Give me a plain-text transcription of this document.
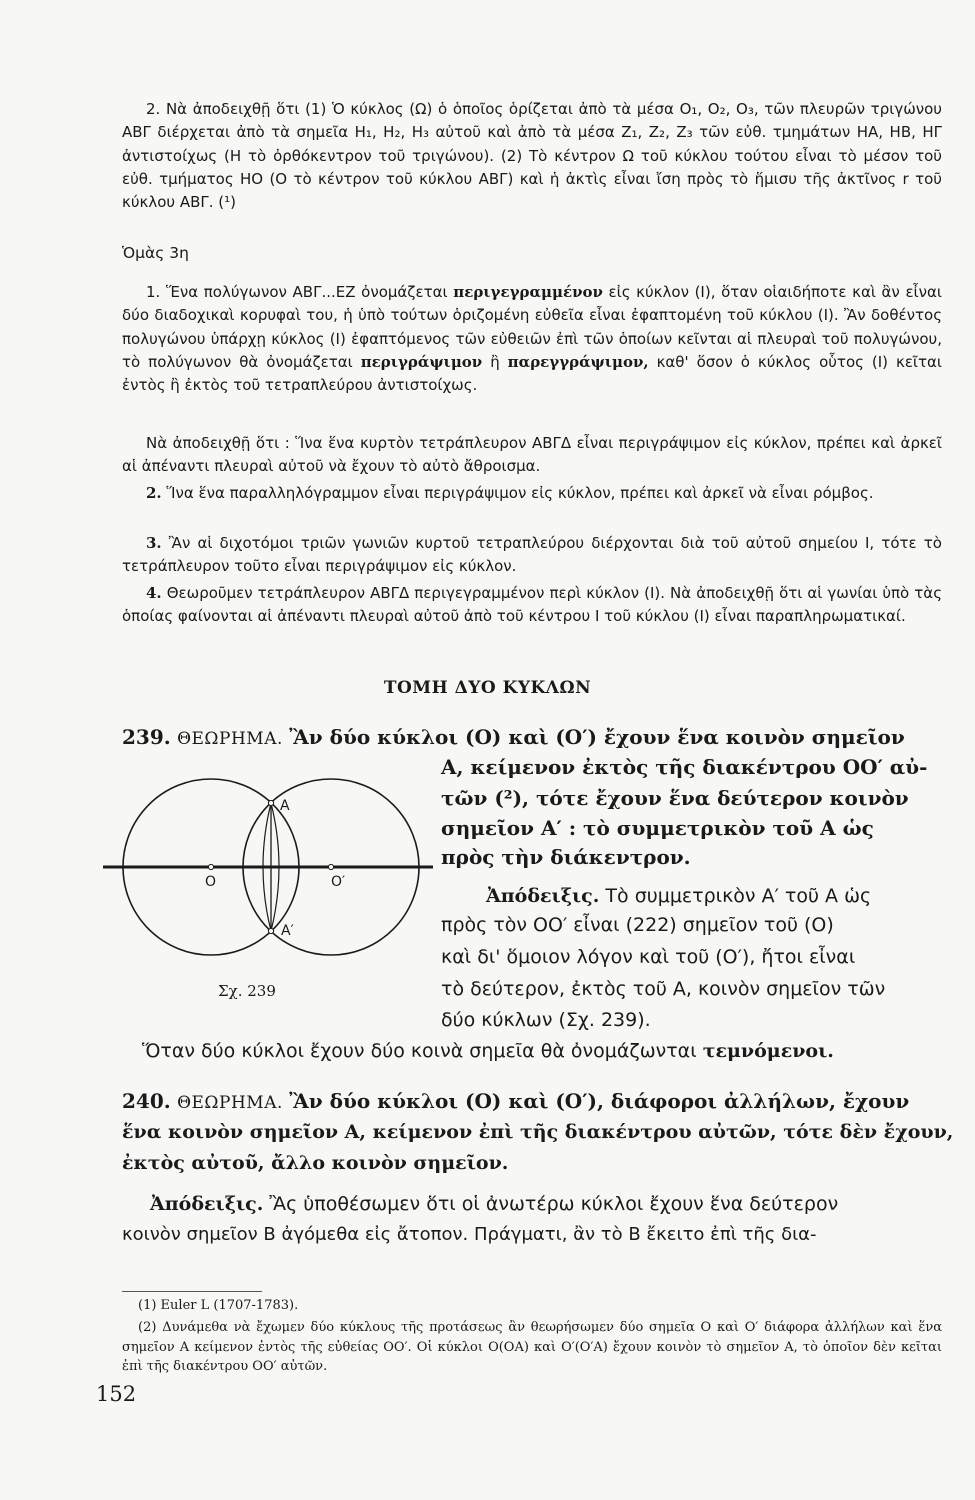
2. Νὰ ἀποδειχθῇ ὅτι (1) Ὁ κύκλος (Ω) ὁ ὁποῖος ὁρίζεται ἀπὸ τὰ μέσα O₁, O₂, O₃, τῶν πλευρῶν τριγώνου ΑΒΓ διέρχεται ἀπὸ τὰ σημεῖα Η₁, Η₂, Η₃ αὐτοῦ καὶ ἀπὸ τὰ μέσα Z₁, Z₂, Z₃ τῶν εὐθ. τμημάτων ΗΑ, ΗΒ, ΗΓ ἀντιστοίχως (Η τὸ ὀρθόκεντρον τοῦ τριγώνου). (2) Τὸ κέντρον Ω τοῦ κύκλου τούτου εἶναι τὸ μέσον τοῦ εὐθ. τμήματος ΗΟ (Ο τὸ κέντρον τοῦ κύκλου ΑΒΓ) καὶ ἡ ἀκτὶς εἶναι ἴση πρὸς τὸ ἥμισυ τῆς ἀκτῖνος r τοῦ κύκλου ΑΒΓ. (¹)
Ὁμὰς 3η
1. Ἕνα πολύγωνον ΑΒΓ...ΕΖ ὀνομάζεται περιγεγραμμένον εἰς κύκλον (Ι), ὅταν οἱαιδήποτε καὶ ἂν εἶναι δύο διαδοχικαὶ κορυφαὶ του, ἡ ὑπὸ τούτων ὁριζομένη εὐθεῖα εἶναι ἐφαπτομένη τοῦ κύκλου (Ι). Ἂν δοθέντος πολυγώνου ὑπάρχῃ κύκλος (Ι) ἐφαπτόμενος τῶν εὐθειῶν ἐπὶ τῶν ὁποίων κεῖνται αἱ πλευραὶ τοῦ πολυγώνου, τὸ πολύγωνον θὰ ὀνομάζεται περιγράψιμον ἢ παρεγγράψιμον, καθ' ὅσον ὁ κύκλος οὗτος (Ι) κεῖται ἐντὸς ἢ ἐκτὸς τοῦ τετραπλεύρου ἀντιστοίχως.
Νὰ ἀποδειχθῇ ὅτι : Ἵνα ἕνα κυρτὸν τετράπλευρον ΑΒΓΔ εἶναι περιγράψιμον εἰς κύκλον, πρέπει καὶ ἀρκεῖ αἱ ἀπέναντι πλευραὶ αὐτοῦ νὰ ἔχουν τὸ αὐτὸ ἄθροισμα.
2. Ἵνα ἕνα παραλληλόγραμμον εἶναι περιγράψιμον εἰς κύκλον, πρέπει καὶ ἀρκεῖ νὰ εἶναι ρόμβος.
3. Ἂν αἱ διχοτόμοι τριῶν γωνιῶν κυρτοῦ τετραπλεύρου διέρχονται διὰ τοῦ αὐτοῦ σημείου Ι, τότε τὸ τετράπλευρον τοῦτο εἶναι περιγράψιμον εἰς κύκλον.
4. Θεωροῦμεν τετράπλευρον ΑΒΓΔ περιγεγραμμένον περὶ κύκλον (Ι). Νὰ ἀποδειχθῇ ὅτι αἱ γωνίαι ὑπὸ τὰς ὁποίας φαίνονται αἱ ἀπέναντι πλευραὶ αὐτοῦ ἀπὸ τοῦ κέντρου Ι τοῦ κύκλου (Ι) εἶναι παραπληρωματικαί.
ΤΟΜΗ ΔΥΟ ΚΥΚΛΩΝ
239. ΘΕΩΡΗΜΑ. Ἂν δύο κύκλοι (Ο) καὶ (Ο′) ἔχουν ἕνα κοινὸν σημεῖον
Α, κείμενον ἐκτὸς τῆς διακέντρου ΟΟ′ αὐ-
τῶν (²), τότε ἔχουν ἕνα δεύτερον κοινὸν
σημεῖον Α′ : τὸ συμμετρικὸν τοῦ Α ὡς
πρὸς τὴν διάκεντρον.
Ἀπόδειξις. Τὸ συμμετρικὸν Α′ τοῦ Α ὡς
πρὸς τὸν ΟΟ′ εἶναι (222) σημεῖον τοῦ (Ο)
καὶ δι' ὅμοιον λόγον καὶ τοῦ (Ο′), ἤτοι εἶναι
τὸ δεύτερον, ἐκτὸς τοῦ Α, κοινὸν σημεῖον τῶν
δύο κύκλων (Σχ. 239).
Α
Α′
Ο	Ο′
Σχ. 239
Ὅταν δύο κύκλοι ἔχουν δύο κοινὰ σημεῖα θὰ ὀνομάζωνται τεμνόμενοι.
240. ΘΕΩΡΗΜΑ. Ἂν δύο κύκλοι (Ο) καὶ (Ο′), διάφοροι ἀλλήλων, ἔχουν
ἕνα κοινὸν σημεῖον Α, κείμενον ἐπὶ τῆς διακέντρου αὐτῶν, τότε δὲν ἔχουν,
ἐκτὸς αὐτοῦ, ἄλλο κοινὸν σημεῖον.
Ἀπόδειξις. Ἂς ὑποθέσωμεν ὅτι οἱ ἀνωτέρω κύκλοι ἔχουν ἕνα δεύτερον
κοινὸν σημεῖον Β ἀγόμεθα εἰς ἄτοπον. Πράγματι, ἂν τὸ Β ἔκειτο ἐπὶ τῆς δια-
(1) Euler L (1707-1783).
(2) Δυνάμεθα νὰ ἔχωμεν δύο κύκλους τῆς προτάσεως ἂν θεωρήσωμεν δύο σημεῖα Ο καὶ Ο′ διάφορα ἀλλήλων καὶ ἕνα σημεῖον Α κείμενον ἐντὸς τῆς εὐθείας ΟΟ′. Οἱ κύκλοι Ο(ΟΑ) καὶ Ο′(Ο′Α) ἔχουν κοινὸν τὸ σημεῖον Α, τὸ ὁποῖον δὲν κεῖται ἐπὶ τῆς διακέντρου ΟΟ′ αὐτῶν.
152
